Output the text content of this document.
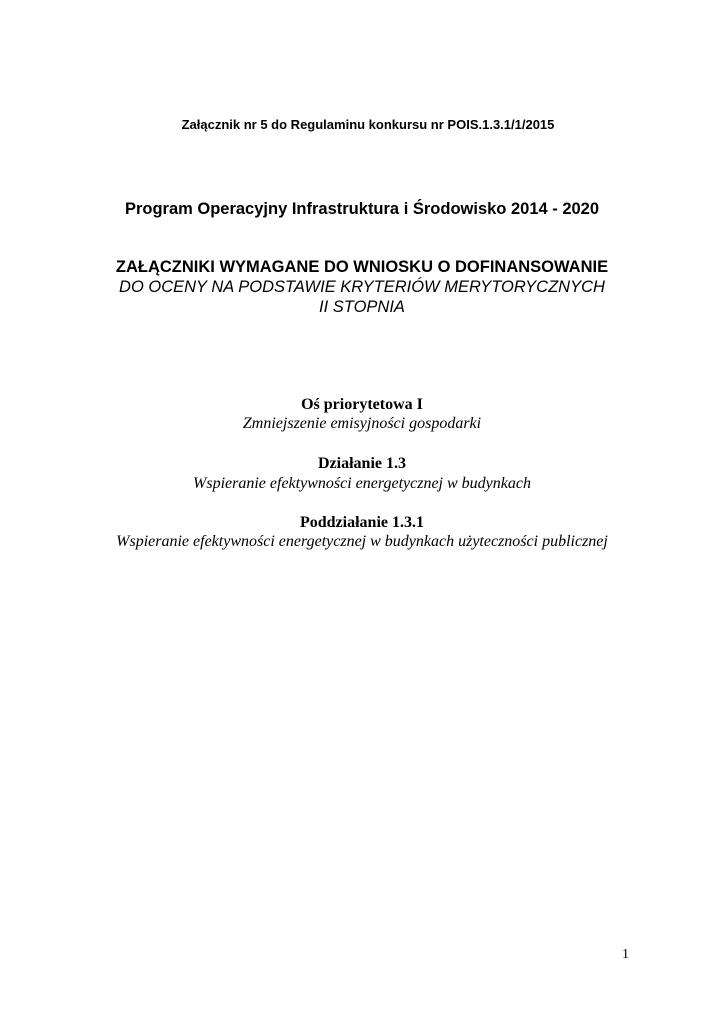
Załącznik nr 5 do Regulaminu konkursu nr POIS.1.3.1/1/2015
Program Operacyjny Infrastruktura i Środowisko 2014 - 2020
ZAŁĄCZNIKI WYMAGANE DO WNIOSKU O DOFINANSOWANIE
DO OCENY NA PODSTAWIE KRYTERIÓW MERYTORYCZNYCH
II STOPNIA
Oś priorytetowa I
Zmniejszenie emisyjności gospodarki
Działanie 1.3
Wspieranie efektywności energetycznej w budynkach
Poddziałanie 1.3.1
Wspieranie efektywności energetycznej w budynkach użyteczności publicznej
1
